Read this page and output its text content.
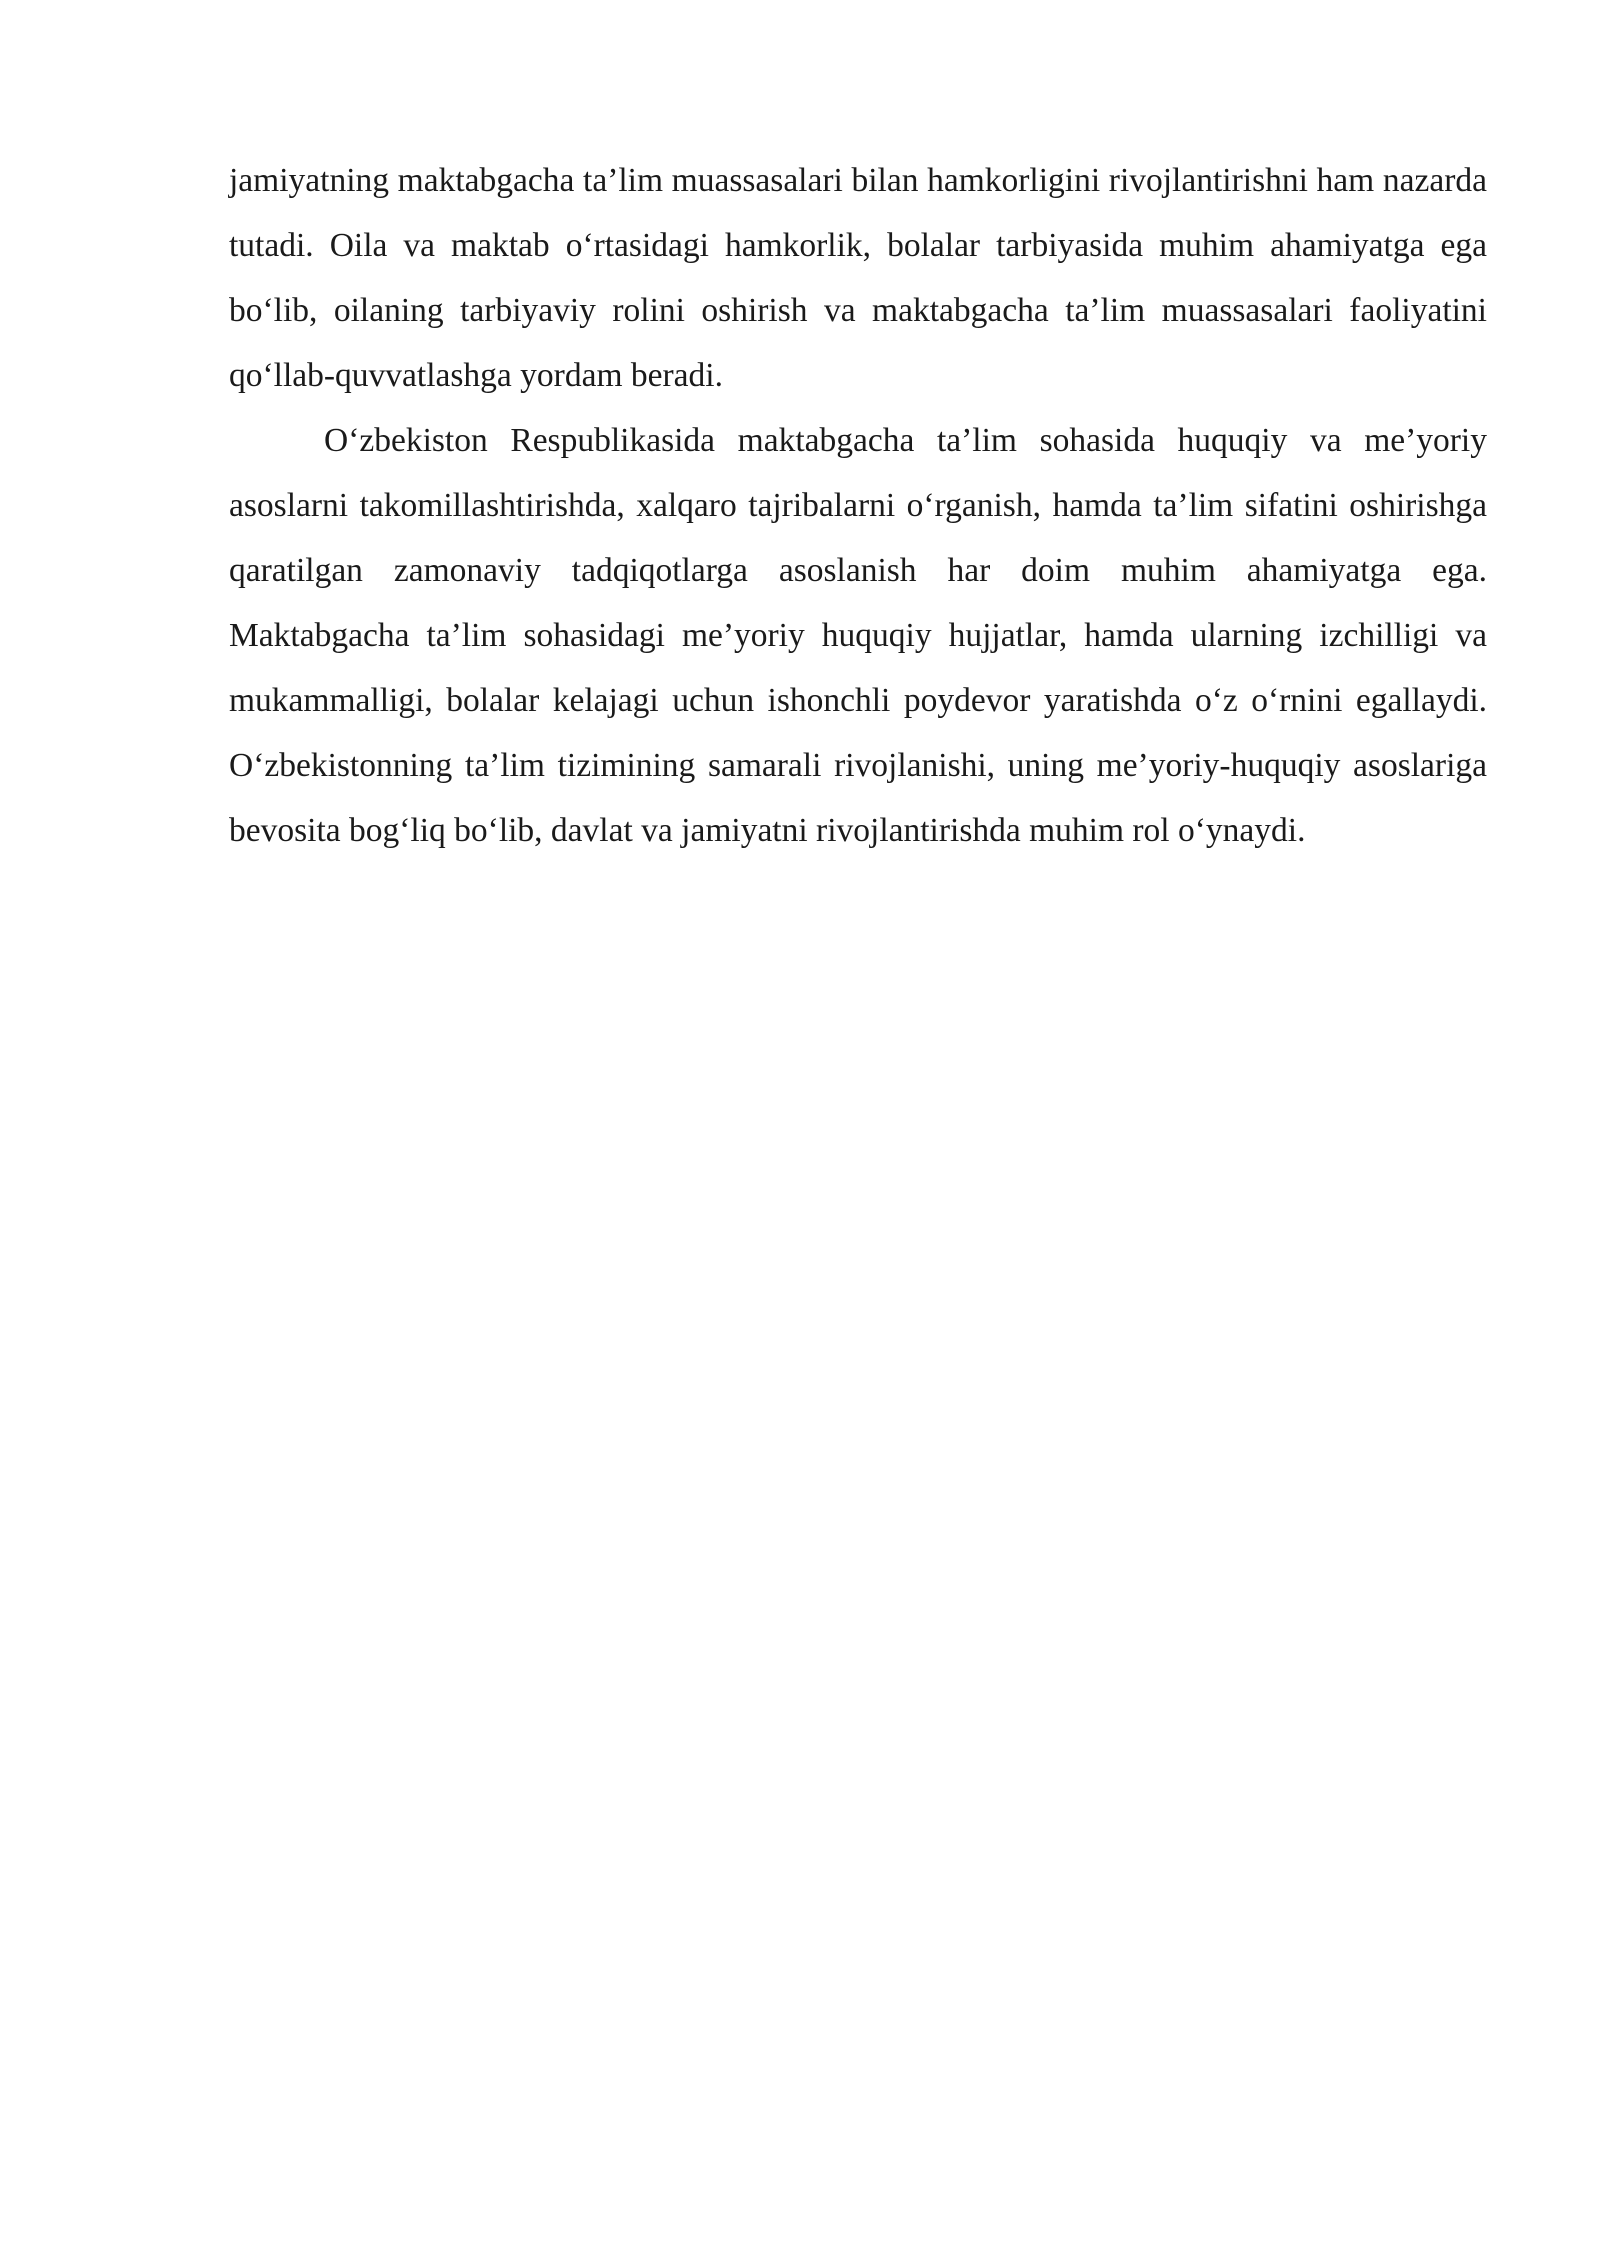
jamiyatning maktabgacha ta’lim muassasalari bilan hamkorligini rivojlantirishni ham nazarda tutadi. Oila va maktab o‘rtasidagi hamkorlik, bolalar tarbiyasida muhim ahamiyatga ega bo‘lib, oilaning tarbiyaviy rolini oshirish va maktabgacha ta’lim muassasalari faoliyatini qo‘llab-quvvatlashga yordam beradi.

O‘zbekiston Respublikasida maktabgacha ta’lim sohasida huquqiy va me’yoriy asoslarni takomillashtirishda, xalqaro tajribalarni o‘rganish, hamda ta’lim sifatini oshirishga qaratilgan zamonaviy tadqiqotlarga asoslanish har doim muhim ahamiyatga ega. Maktabgacha ta’lim sohasidagi me’yoriy huquqiy hujjatlar, hamda ularning izchilligi va mukammalligi, bolalar kelajagi uchun ishonchli poydevor yaratishda o‘z o‘rnini egallaydi. O‘zbekistonning ta’lim tizimining samarali rivojlanishi, uning me’yoriy-huquqiy asoslariga bevosita bog‘liq bo‘lib, davlat va jamiyatni rivojlantirishda muhim rol o‘ynaydi.
